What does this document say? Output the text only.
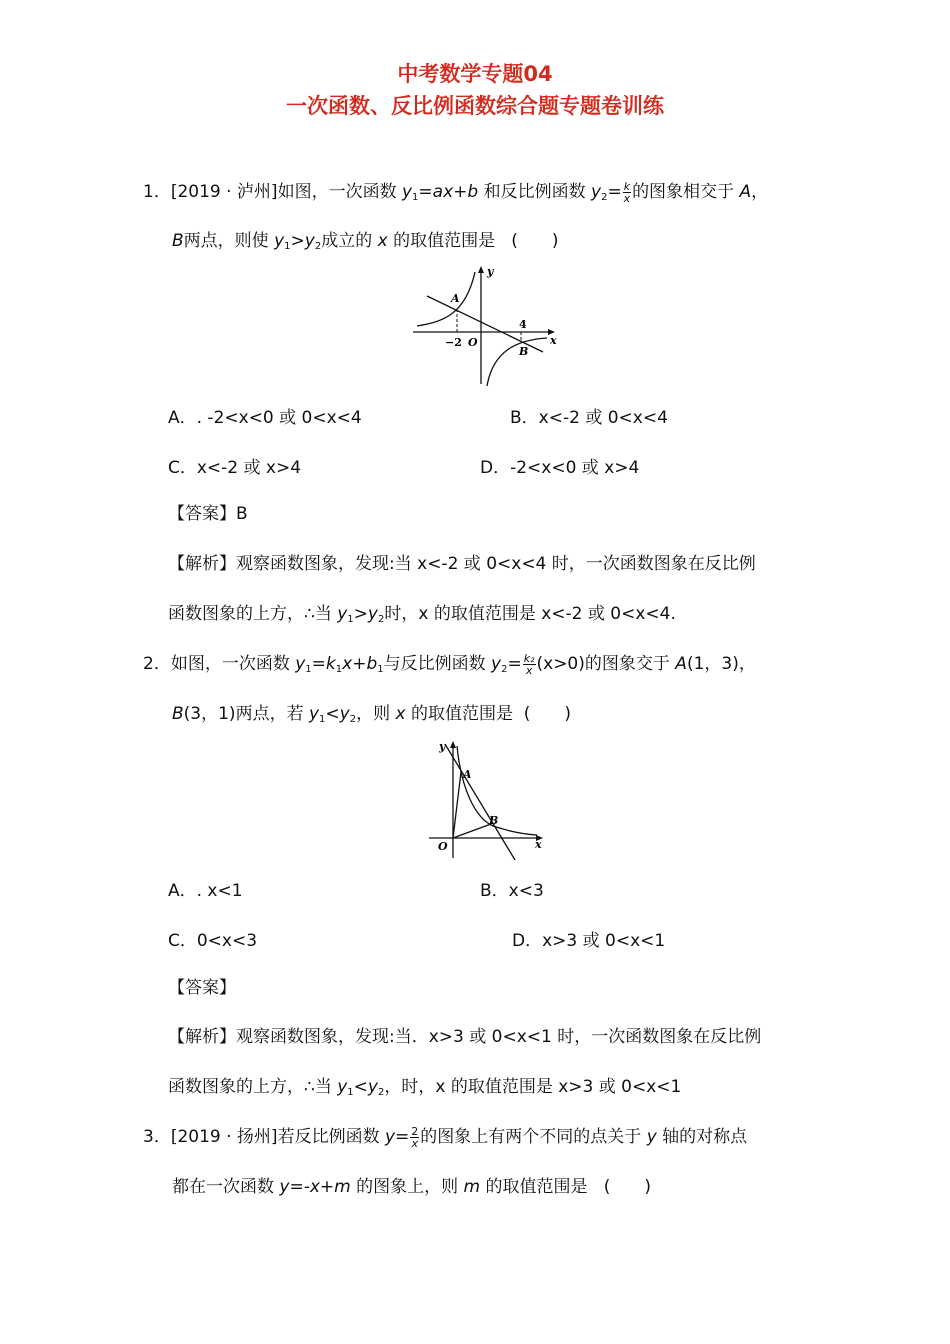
中考数学专题04
一次函数、反比例函数综合题专题卷训练
1．[2019 · 泸州]如图，一次函数 $y_1=ax+b$ 和反比例函数 $y_2= \frac{k}{x}$ 的图象相交于 A，
B两点，则使 $y_1>y_2$成立的 x 的取值范围是 (　　)
A
B
O	x
y
−2
4
A．. -2<x<0 或 0<x<4	B．x<-2 或 0<x<4
C．x<-2 或 x>4	D．-2<x<0 或 x>4
【答案】B
【解析】观察函数图象，发现:当 x<-2 或 0<x<4 时，一次函数图象在反比例
函数图象的上方，∴当 $y_1>y_2$时，x 的取值范围是 x<-2 或 0<x<4.
2．如图，一次函数 $y_1=k_1x+b_1$与反比例函数 $y_2= \frac{\text{k₂}}{x} (x>0)$的图象交于 A(1，3)，
B(3，1)两点，若 $y_1<y_2$，则 x 的取值范围是 (　　)
y
A
B
O	x
A．. x<1	B．x<3
C．0<x<3	D．x>3 或 0<x<1
【答案】
【解析】观察函数图象，发现:当．x>3 或 0<x<1 时，一次函数图象在反比例
函数图象的上方，∴当 $y_1<y_2$，时，x 的取值范围是 x>3 或 0<x<1
3．[2019 · 扬州]若反比例函数 $y= \frac{2}{x}$ 的图象上有两个不同的点关于 y 轴的对称点
都在一次函数 y=-x+m 的图象上，则 m 的取值范围是 (　　)
